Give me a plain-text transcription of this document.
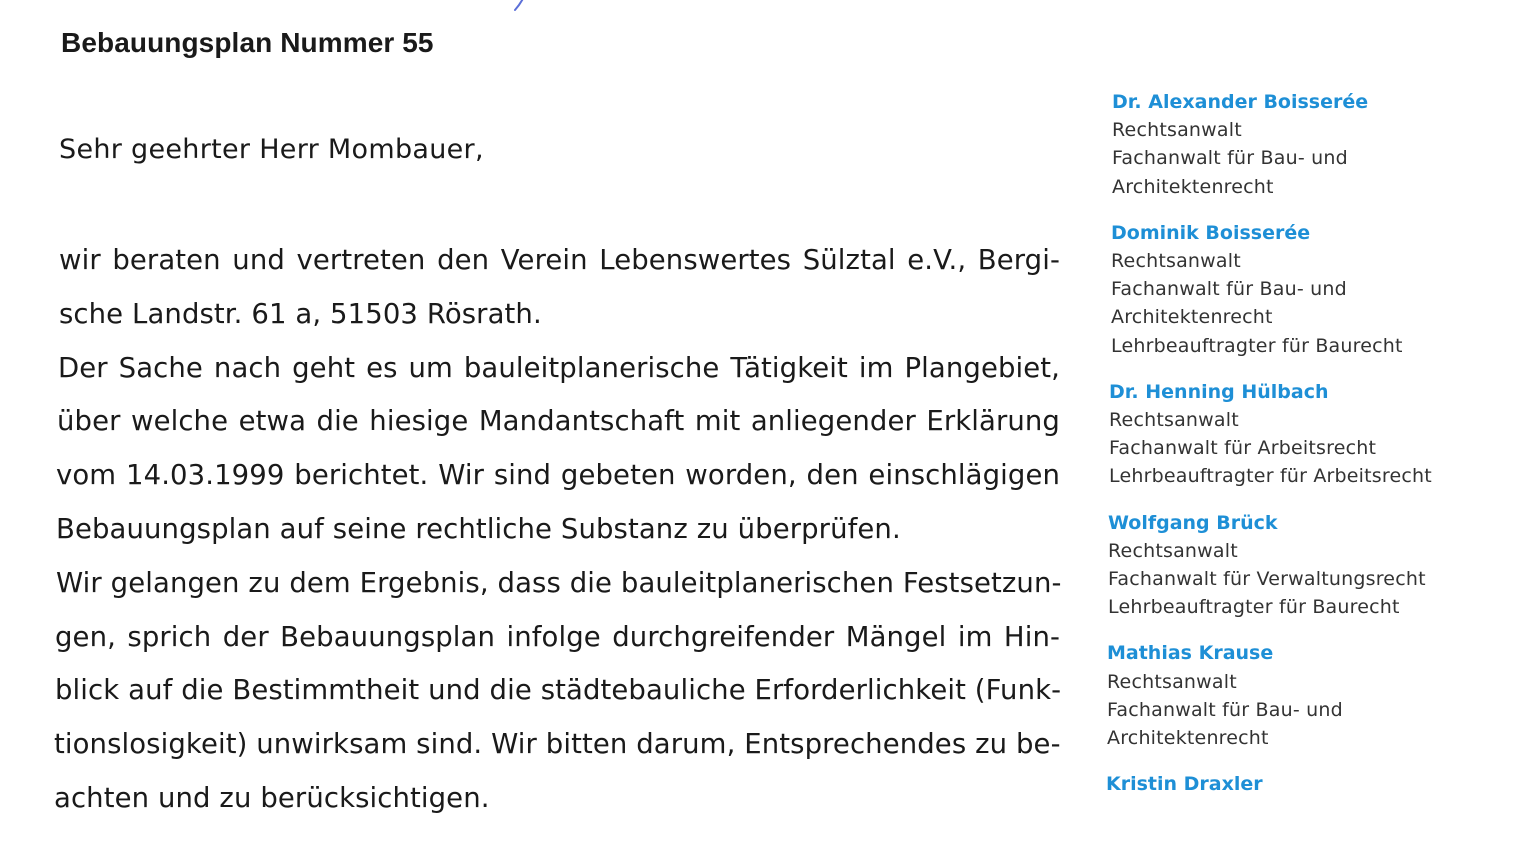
Bebauungsplan Nummer 55
Sehr geehrter Herr Mombauer,
wir beraten und vertreten den Verein Lebenswertes Sülztal e.V., Bergi-
sche Landstr. 61 a, 51503 Rösrath.
Der Sache nach geht es um bauleitplanerische Tätigkeit im Plangebiet,
über welche etwa die hiesige Mandantschaft mit anliegender Erklärung
vom 14.03.1999 berichtet. Wir sind gebeten worden, den einschlägigen
Bebauungsplan auf seine rechtliche Substanz zu überprüfen.
Wir gelangen zu dem Ergebnis, dass die bauleitplanerischen Festsetzun-
gen, sprich der Bebauungsplan infolge durchgreifender Mängel im Hin-
blick auf die Bestimmtheit und die städtebauliche Erforderlichkeit (Funk-
tionslosigkeit) unwirksam sind. Wir bitten darum, Entsprechendes zu be-
achten und zu berücksichtigen.
Dr. Alexander Boisserée
Rechtsanwalt
Fachanwalt für Bau- und
Architektenrecht
Dominik Boisserée
Rechtsanwalt
Fachanwalt für Bau- und
Architektenrecht
Lehrbeauftragter für Baurecht
Dr. Henning Hülbach
Rechtsanwalt
Fachanwalt für Arbeitsrecht
Lehrbeauftragter für Arbeitsrecht
Wolfgang Brück
Rechtsanwalt
Fachanwalt für Verwaltungsrecht
Lehrbeauftragter für Baurecht
Mathias Krause
Rechtsanwalt
Fachanwalt für Bau- und
Architektenrecht
Kristin Draxler
